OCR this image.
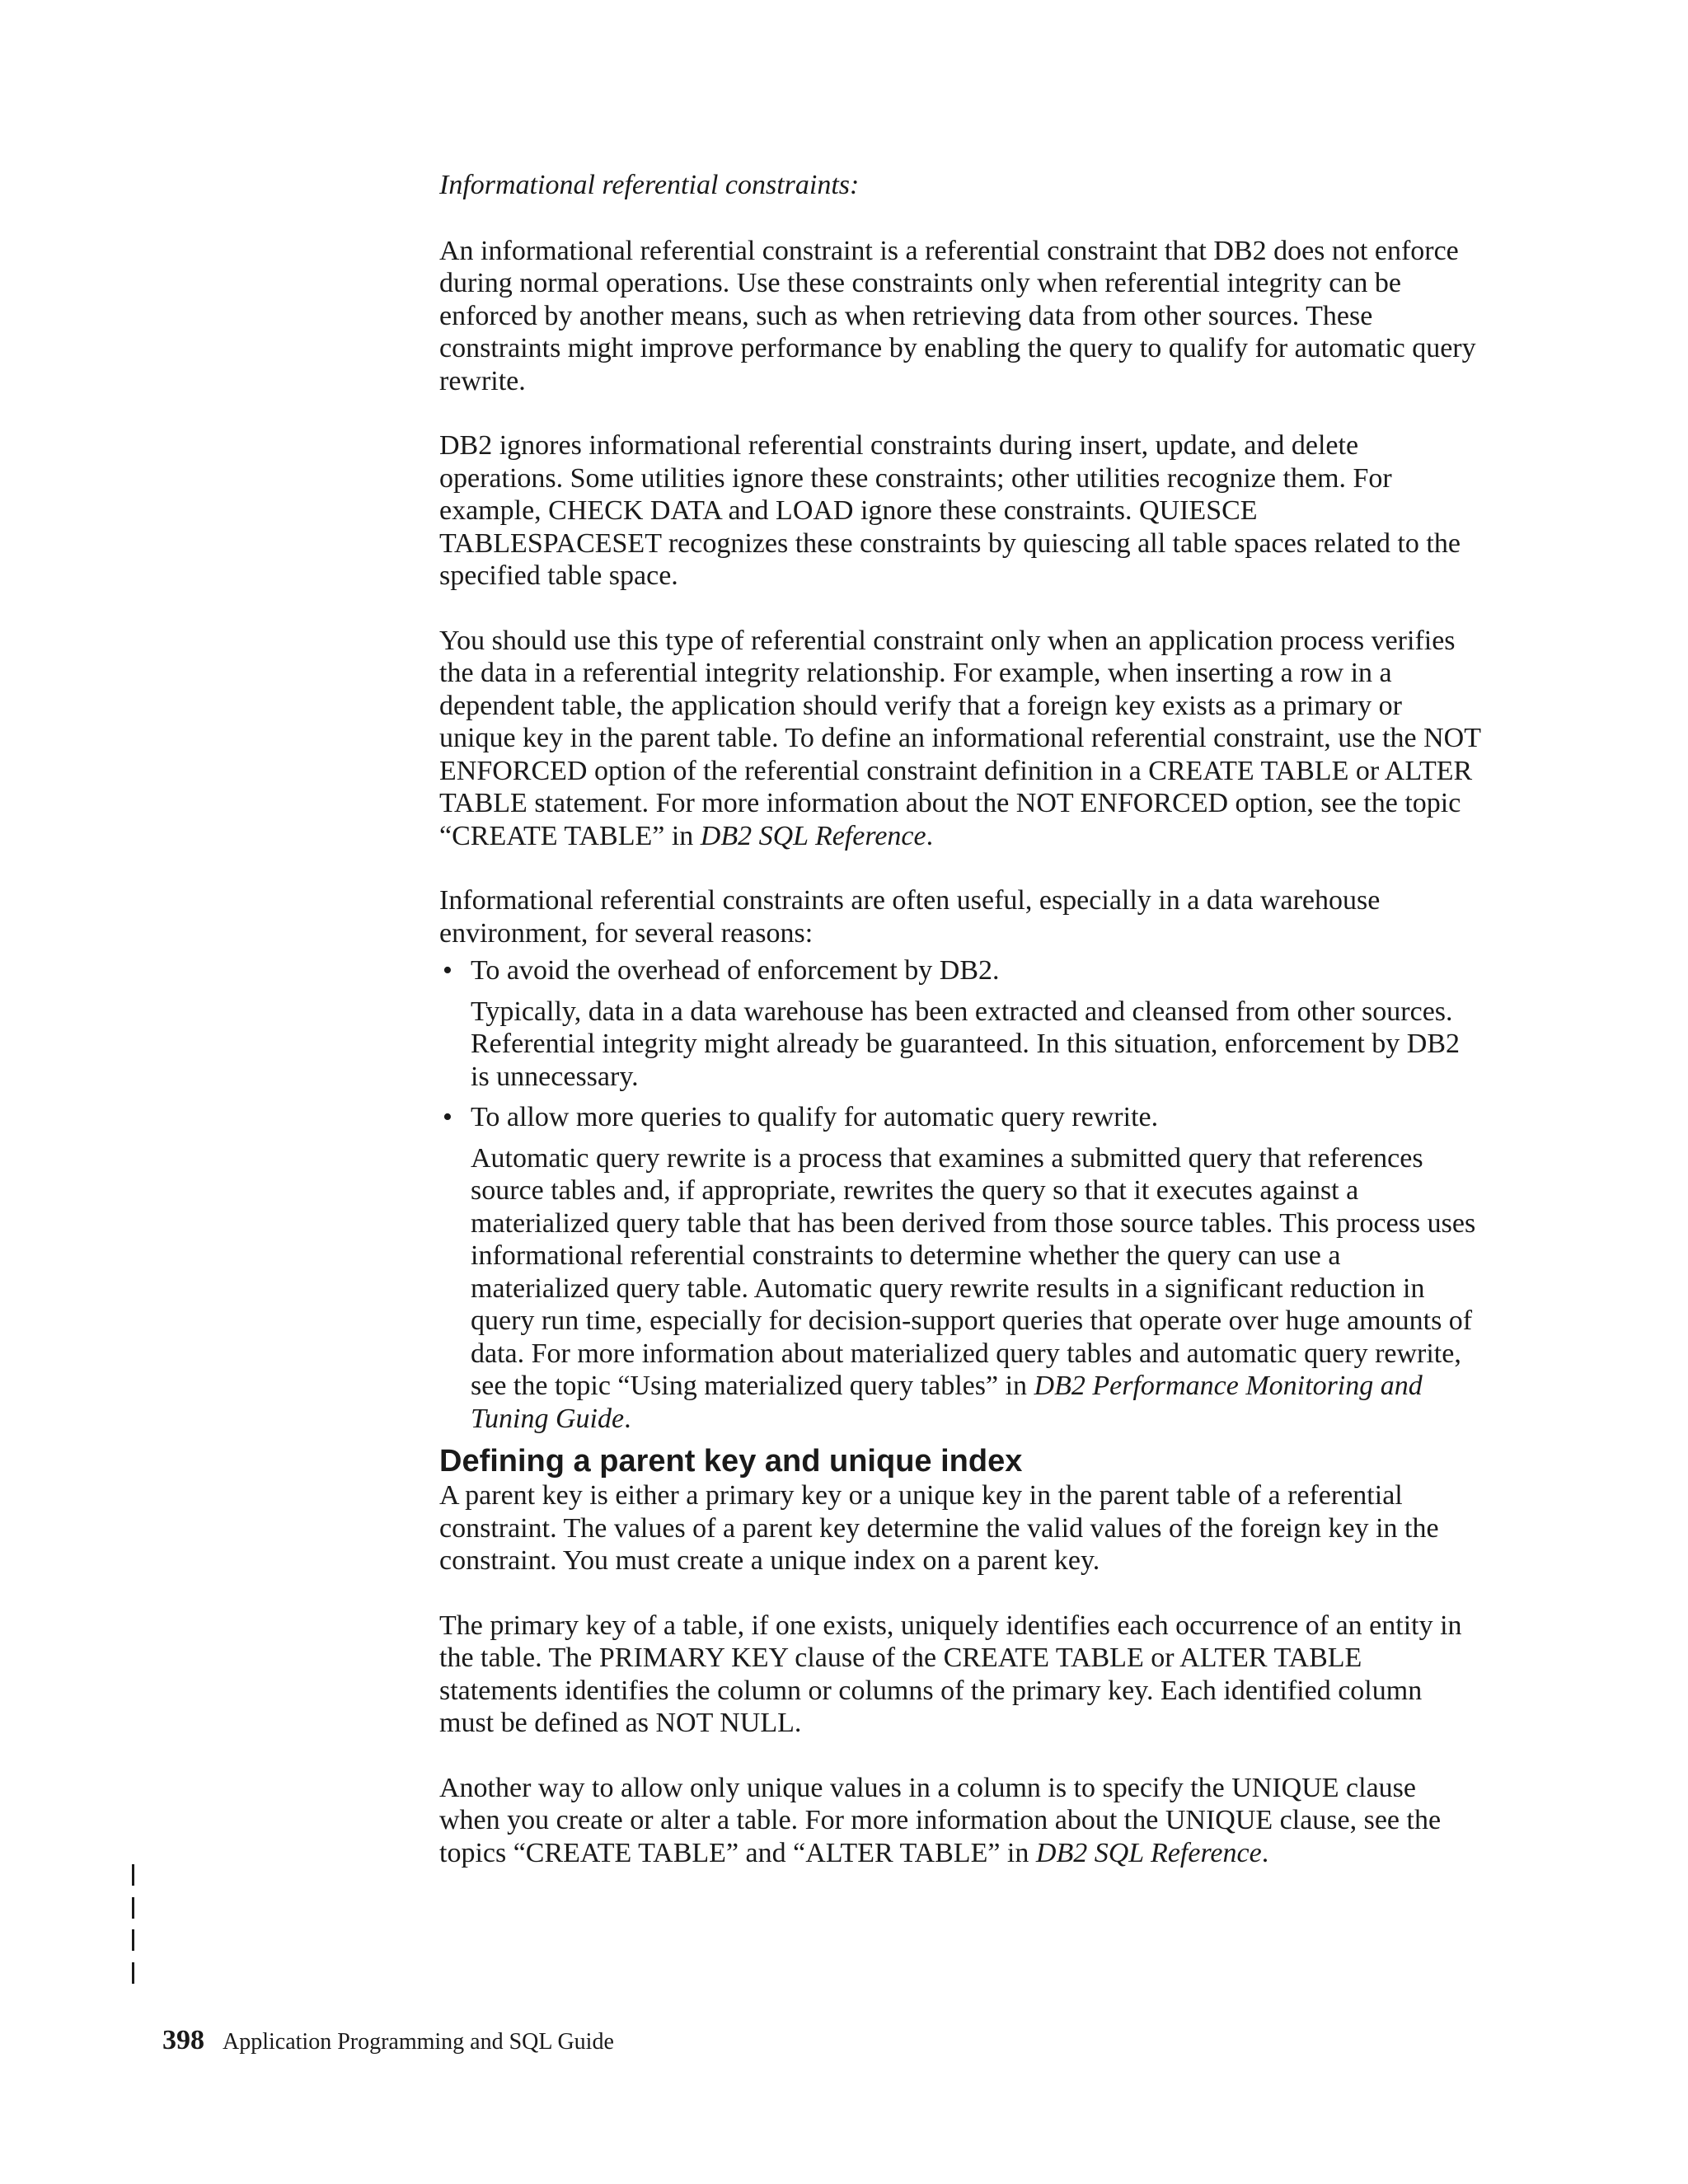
Informational referential constraints:

An informational referential constraint is a referential constraint that DB2 does not enforce during normal operations. Use these constraints only when referential integrity can be enforced by another means, such as when retrieving data from other sources. These constraints might improve performance by enabling the query to qualify for automatic query rewrite.

DB2 ignores informational referential constraints during insert, update, and delete operations. Some utilities ignore these constraints; other utilities recognize them. For example, CHECK DATA and LOAD ignore these constraints. QUIESCE TABLESPACESET recognizes these constraints by quiescing all table spaces related to the specified table space.

You should use this type of referential constraint only when an application process verifies the data in a referential integrity relationship. For example, when inserting a row in a dependent table, the application should verify that a foreign key exists as a primary or unique key in the parent table. To define an informational referential constraint, use the NOT ENFORCED option of the referential constraint definition in a CREATE TABLE or ALTER TABLE statement. For more information about the NOT ENFORCED option, see the topic “CREATE TABLE” in DB2 SQL Reference.

Informational referential constraints are often useful, especially in a data warehouse environment, for several reasons:

• To avoid the overhead of enforcement by DB2.
Typically, data in a data warehouse has been extracted and cleansed from other sources. Referential integrity might already be guaranteed. In this situation, enforcement by DB2 is unnecessary.
• To allow more queries to qualify for automatic query rewrite.
Automatic query rewrite is a process that examines a submitted query that references source tables and, if appropriate, rewrites the query so that it executes against a materialized query table that has been derived from those source tables. This process uses informational referential constraints to determine whether the query can use a materialized query table. Automatic query rewrite results in a significant reduction in query run time, especially for decision-support queries that operate over huge amounts of data. For more information about materialized query tables and automatic query rewrite, see the topic “Using materialized query tables” in DB2 Performance Monitoring and Tuning Guide.
Defining a parent key and unique index

A parent key is either a primary key or a unique key in the parent table of a referential constraint. The values of a parent key determine the valid values of the foreign key in the constraint. You must create a unique index on a parent key.

The primary key of a table, if one exists, uniquely identifies each occurrence of an entity in the table. The PRIMARY KEY clause of the CREATE TABLE or ALTER TABLE statements identifies the column or columns of the primary key. Each identified column must be defined as NOT NULL.

Another way to allow only unique values in a column is to specify the UNIQUE clause when you create or alter a table. For more information about the UNIQUE clause, see the topics “CREATE TABLE” and “ALTER TABLE” in DB2 SQL Reference.

398 Application Programming and SQL Guide
